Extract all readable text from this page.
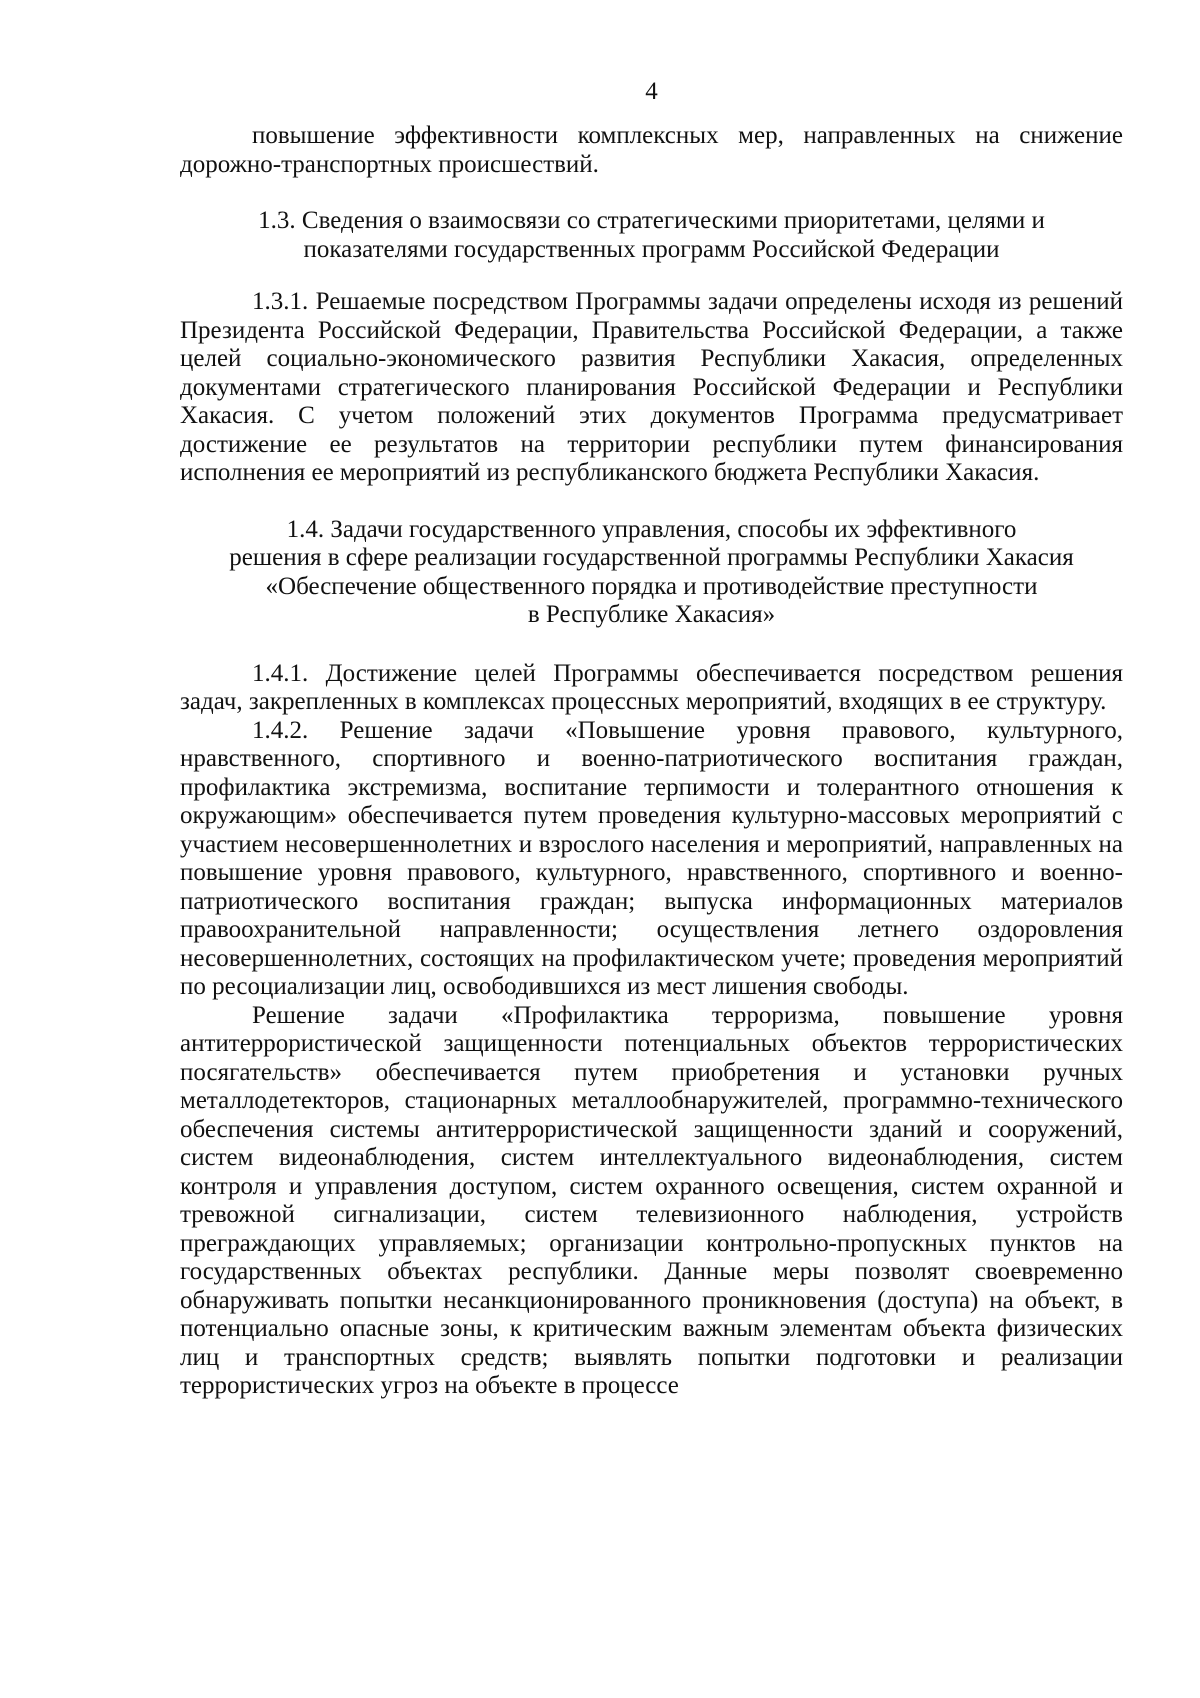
4

повышение эффективности комплексных мер, направленных на снижение дорожно-транспортных происшествий.

1.3. Сведения о взаимосвязи со стратегическими приоритетами, целями и
показателями государственных программ Российской Федерации

1.3.1. Решаемые посредством Программы задачи определены исходя из решений Президента Российской Федерации, Правительства Российской Федерации, а также целей социально-экономического развития Республики Хакасия, определенных документами стратегического планирования Российской Федерации и Республики Хакасия. С учетом положений этих документов Программа предусматривает достижение ее результатов на территории республики путем финансирования исполнения ее мероприятий из республиканского бюджета Республики Хакасия.

1.4. Задачи государственного управления, способы их эффективного
решения в сфере реализации государственной программы Республики Хакасия
«Обеспечение общественного порядка и противодействие преступности
в Республике Хакасия»

1.4.1. Достижение целей Программы обеспечивается посредством решения задач, закрепленных в комплексах процессных мероприятий, входящих в ее структуру.

1.4.2. Решение задачи «Повышение уровня правового, культурного, нравственного, спортивного и военно-патриотического воспитания граждан, профилактика экстремизма, воспитание терпимости и толерантного отношения к окружающим» обеспечивается путем проведения культурно-массовых мероприятий с участием несовершеннолетних и взрослого населения и мероприятий, направленных на повышение уровня правового, культурного, нравственного, спортивного и военно-патриотического воспитания граждан; выпуска информационных материалов правоохранительной направленности; осуществления летнего оздоровления несовершеннолетних, состоящих на профилактическом учете; проведения мероприятий по ресоциализации лиц, освободившихся из мест лишения свободы.

Решение задачи «Профилактика терроризма, повышение уровня антитеррористической защищенности потенциальных объектов террористических посягательств» обеспечивается путем приобретения и установки ручных металлодетекторов, стационарных металлообнаружителей, программно-технического обеспечения системы антитеррористической защищенности зданий и сооружений, систем видеонаблюдения, систем интеллектуального видеонаблюдения, систем контроля и управления доступом, систем охранного освещения, систем охранной и тревожной сигнализации, систем телевизионного наблюдения, устройств преграждающих управляемых; организации контрольно-пропускных пунктов на государственных объектах республики. Данные меры позволят своевременно обнаруживать попытки несанкционированного проникновения (доступа) на объект, в потенциально опасные зоны, к критическим важным элементам объекта физических лиц и транспортных средств; выявлять попытки подготовки и реализации террористических угроз на объекте в процессе
